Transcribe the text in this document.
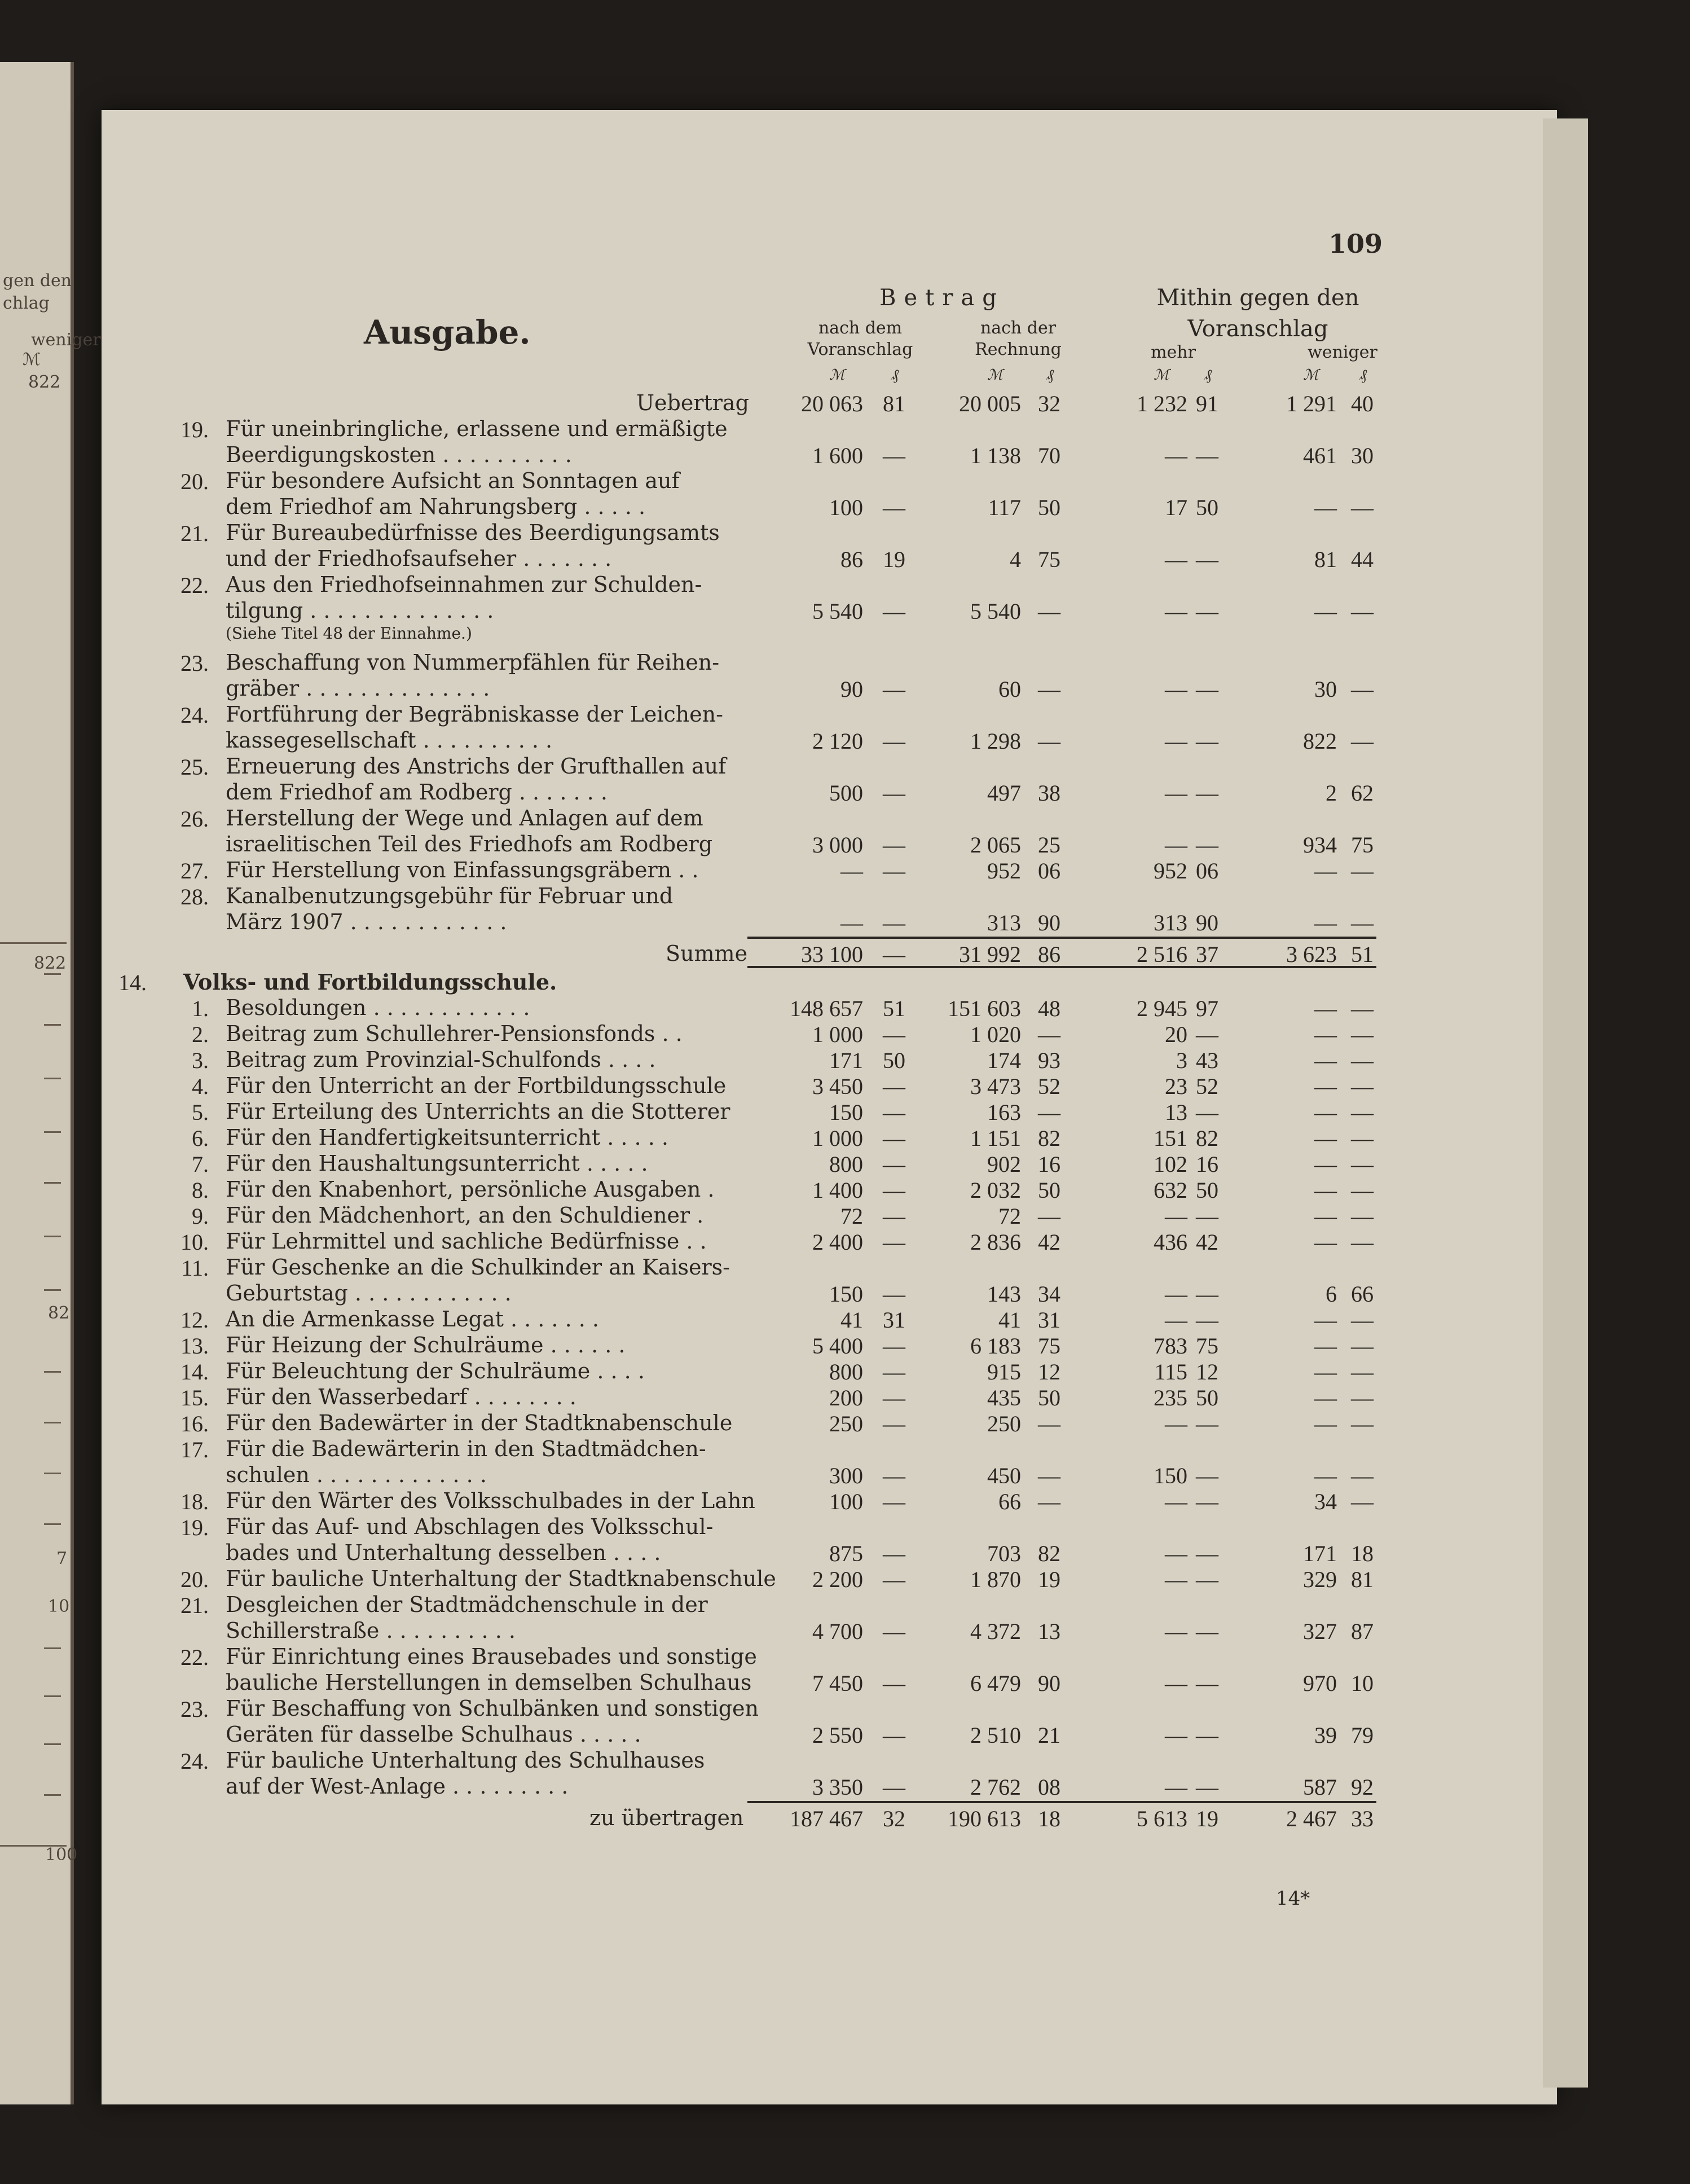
gen den
chlag
weniger
ℳ
822
822
82
7
10
100
109
Ausgabe.
Betrag	Mithin gegen den
Voranschlag
nach dem
Voranschlag
nach der
Rechnung	mehr	weniger
ℳ	₰	ℳ	₰	ℳ ₰	ℳ	₰
Uebertrag	20 063 81	20 005 32	1 232 91	1 291 40
19. Für uneinbringliche, erlassene und ermäßigte
Beerdigungskosten . . . . . . . . . .	1 600 —	1 138 70	— —	461 30
20. Für besondere Aufsicht an Sonntagen auf
dem Friedhof am Nahrungsberg . . . . .	100 —	117 50	17 50	— —
21. Für Bureaubedürfnisse des Beerdigungsamts
und der Friedhofsaufseher . . . . . . .	86 19	4 75	— —	81 44
22. Aus den Friedhofseinnahmen zur Schulden-
tilgung . . . . . . . . . . . . . .
(Siehe Titel 48 der Einnahme.)
5 540 —	5 540 —	— —	— —
23. Beschaffung von Nummerpfählen für Reihen-
gräber . . . . . . . . . . . . . .	90 —	60 —	— —	30 —
24. Fortführung der Begräbniskasse der Leichen-
kassegesellschaft . . . . . . . . . .	2 120 —	1 298 —	— —	822 —
25. Erneuerung des Anstrichs der Grufthallen auf
dem Friedhof am Rodberg . . . . . . .	500 —	497 38	— —	2 62
26. Herstellung der Wege und Anlagen auf dem
israelitischen Teil des Friedhofs am Rodberg	3 000 —	2 065 25	— —	934 75
27. Für Herstellung von Einfassungsgräbern . .	— —	952 06	952 06	— —
28. Kanalbenutzungsgebühr für Februar und
März 1907 . . . . . . . . . . . .	— —	313 90	313 90	— —
Summe	33 100 —	31 992 86	2 516 37	3 623 51
14. Volks- und Fortbildungsschule.
1. Besoldungen . . . . . . . . . . . .	148 657 51	151 603 48	2 945 97	— —
2. Beitrag zum Schullehrer-Pensionsfonds . .	1 000 —	1 020 —	20 —	— —
3. Beitrag zum Provinzial-Schulfonds . . . .	171 50	174 93	3 43	— —
4. Für den Unterricht an der Fortbildungsschule	3 450 —	3 473 52	23 52	— —
5. Für Erteilung des Unterrichts an die Stotterer	150 —	163 —	13 —	— —
6. Für den Handfertigkeitsunterricht . . . . .	1 000 —	1 151 82	151 82	— —
7. Für den Haushaltungsunterricht . . . . .	800 —	902 16	102 16	— —
8. Für den Knabenhort, persönliche Ausgaben .	1 400 —	2 032 50	632 50	— —
9. Für den Mädchenhort, an den Schuldiener .	72 —	72 —	— —	— —
10. Für Lehrmittel und sachliche Bedürfnisse . .	2 400 —	2 836 42	436 42	— —
11. Für Geschenke an die Schulkinder an Kaisers-
Geburtstag . . . . . . . . . . . .	150 —	143 34	— —	6 66
12. An die Armenkasse Legat . . . . . . .	41 31	41 31	— —	— —
13. Für Heizung der Schulräume . . . . . .	5 400 —	6 183 75	783 75	— —
14. Für Beleuchtung der Schulräume . . . .	800 —	915 12	115 12	— —
15. Für den Wasserbedarf . . . . . . . .	200 —	435 50	235 50	— —
16. Für den Badewärter in der Stadtknabenschule	250 —	250 —	— —	— —
17. Für die Badewärterin in den Stadtmädchen-
schulen . . . . . . . . . . . . .	300 —	450 —	150 —	— —
18. Für den Wärter des Volksschulbades in der Lahn	100 —	66 —	— —	34 —
19. Für das Auf- und Abschlagen des Volksschul-
bades und Unterhaltung desselben . . . .	875 —	703 82	— —	171 18
20. Für bauliche Unterhaltung der Stadtknabenschule	2 200 —	1 870 19	— —	329 81
21. Desgleichen der Stadtmädchenschule in der
Schillerstraße . . . . . . . . . .	4 700 —	4 372 13	— —	327 87
22. Für Einrichtung eines Brausebades und sonstige
bauliche Herstellungen in demselben Schulhaus	7 450 —	6 479 90	— —	970 10
23. Für Beschaffung von Schulbänken und sonstigen
Geräten für dasselbe Schulhaus . . . . .	2 550 —	2 510 21	— —	39 79
24. Für bauliche Unterhaltung des Schulhauses
auf der West-Anlage . . . . . . . . .	3 350 —	2 762 08	— —	587 92
zu übertragen	187 467 32	190 613 18	5 613 19	2 467 33
14*
